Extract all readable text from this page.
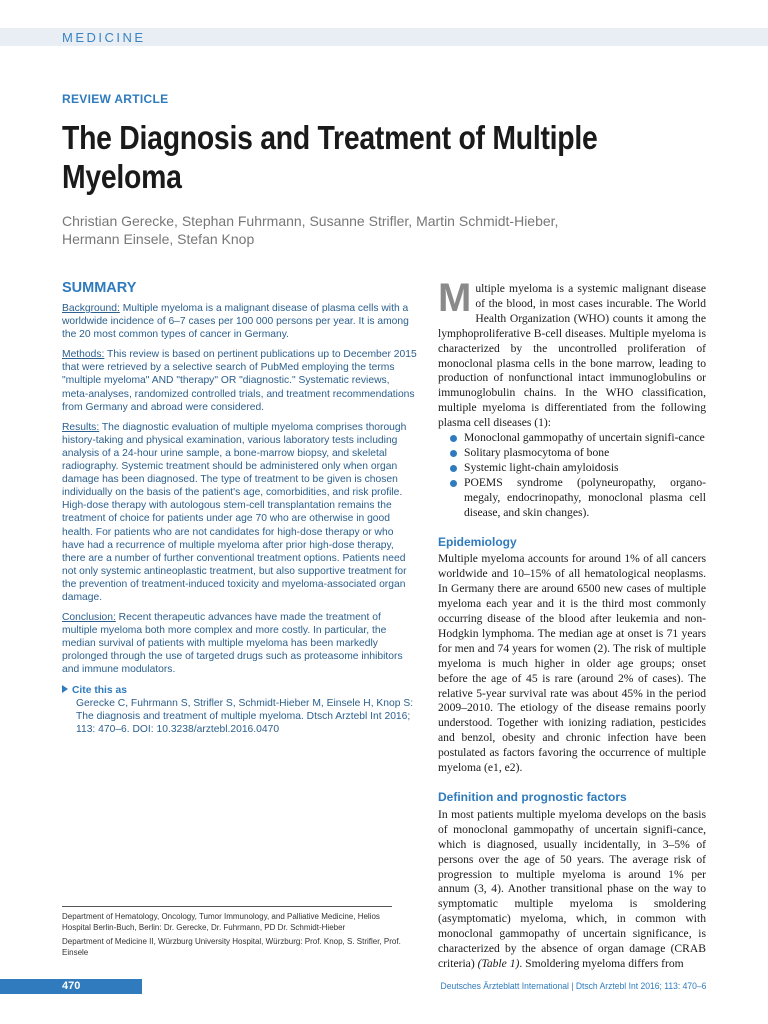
MEDICINE
REVIEW ARTICLE
The Diagnosis and Treatment of Multiple Myeloma
Christian Gerecke, Stephan Fuhrmann, Susanne Strifler, Martin Schmidt-Hieber,
Hermann Einsele, Stefan Knop
SUMMARY

Background: Multiple myeloma is a malignant disease of plasma cells with a worldwide incidence of 6–7 cases per 100 000 persons per year. It is among the 20 most common types of cancer in Germany.

Methods: This review is based on pertinent publications up to December 2015 that were retrieved by a selective search of PubMed employing the terms "multiple myeloma" AND "therapy" OR "diagnostic." Systematic reviews, meta-analyses, randomized controlled trials, and treatment recommendations from Germany and abroad were considered.

Results: The diagnostic evaluation of multiple myeloma comprises thorough history-taking and physical examination, various laboratory tests including analysis of a 24-hour urine sample, a bone-marrow biopsy, and skeletal radiography. Systemic treatment should be administered only when organ damage has been diagnosed. The type of treatment to be given is chosen individually on the basis of the patient's age, comorbidities, and risk profile. High-dose therapy with autologous stem-cell transplantation remains the treatment of choice for patients under age 70 who are otherwise in good health. For patients who are not candidates for high-dose therapy or who have had a recurrence of multiple myeloma after prior high-dose therapy, there are a number of further conventional treatment options. Patients need not only systemic antineoplastic treatment, but also supportive treatment for the prevention of treatment-induced toxicity and myeloma-associated organ damage.

Conclusion: Recent therapeutic advances have made the treatment of multiple myeloma both more complex and more costly. In particular, the median survival of patients with multiple myeloma has been markedly prolonged through the use of targeted drugs such as proteasome inhibitors and immune modulators.

Cite this as
Gerecke C, Fuhrmann S, Strifler S, Schmidt-Hieber M, Einsele H, Knop S: The diagnosis and treatment of multiple myeloma. Dtsch Arztebl Int 2016; 113: 470–6. DOI: 10.3238/arztebl.2016.0470

Multiple myeloma is a systemic malignant disease of the blood, in most cases incurable. The World Health Organization (WHO) counts it among the lymphoproliferative B-cell diseases. Multiple myeloma is characterized by the uncontrolled proliferation of monoclonal plasma cells in the bone marrow, leading to production of nonfunctional intact immunoglobulins or immunoglobulin chains. In the WHO classification, multiple myeloma is differentiated from the following plasma cell diseases (1):

Monoclonal gammopathy of uncertain signifi-cance
Solitary plasmocytoma of bone
Systemic light-chain amyloidosis
POEMS syndrome (polyneuropathy, organo-megaly, endocrinopathy, monoclonal plasma cell disease, and skin changes).
Epidemiology

Multiple myeloma accounts for around 1% of all cancers worldwide and 10–15% of all hematological neoplasms. In Germany there are around 6500 new cases of multiple myeloma each year and it is the third most commonly occurring disease of the blood after leukemia and non-Hodgkin lymphoma. The median age at onset is 71 years for men and 74 years for women (2). The risk of multiple myeloma is much higher in older age groups; onset before the age of 45 is rare (around 2% of cases). The relative 5-year survival rate was about 45% in the period 2009–2010. The etiology of the disease remains poorly understood. Together with ionizing radiation, pesticides and benzol, obesity and chronic infection have been postulated as factors favoring the occurrence of multiple myeloma (e1, e2).

Definition and prognostic factors

In most patients multiple myeloma develops on the basis of monoclonal gammopathy of uncertain signifi-cance, which is diagnosed, usually incidentally, in 3–5% of persons over the age of 50 years. The average risk of progression to multiple myeloma is around 1% per annum (3, 4). Another transitional phase on the way to symptomatic multiple myeloma is smoldering (asymptomatic) myeloma, which, in common with monoclonal gammopathy of uncertain significance, is characterized by the absence of organ damage (CRAB criteria) (Table 1). Smoldering myeloma differs from

Department of Hematology, Oncology, Tumor Immunology, and Palliative Medicine, Helios Hospital Berlin-Buch, Berlin: Dr. Gerecke, Dr. Fuhrmann, PD Dr. Schmidt-Hieber

Department of Medicine II, Würzburg University Hospital, Würzburg: Prof. Knop, S. Strifler, Prof. Einsele

470	Deutsches Ärzteblatt International | Dtsch Arztebl Int 2016; 113: 470–6
